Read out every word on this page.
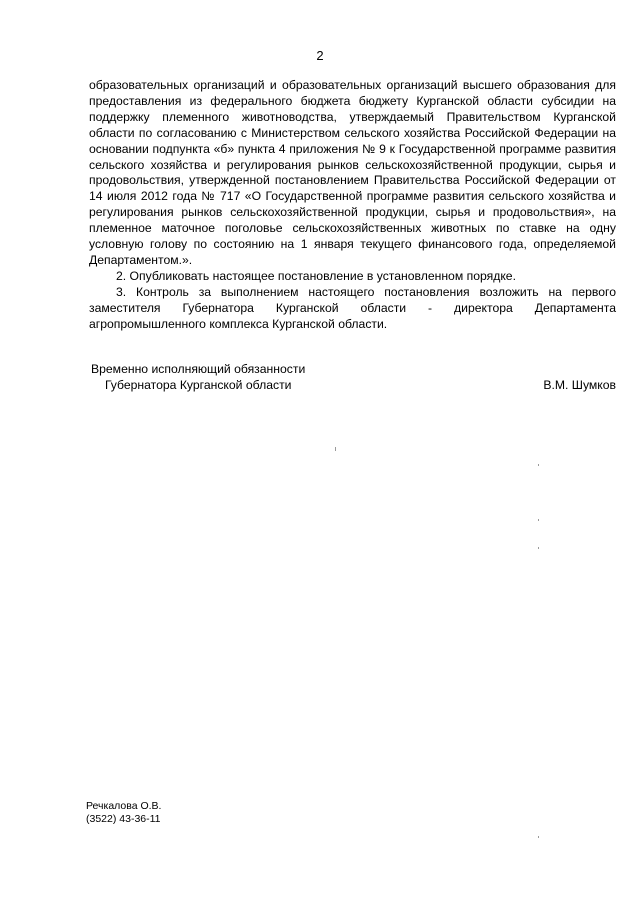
2

образовательных организаций и образовательных организаций высшего образования для предоставления из федерального бюджета бюджету Курганской области субсидии на поддержку племенного животноводства, утверждаемый Правительством Курганской области по согласованию с Министерством сельского хозяйства Российской Федерации на основании подпункта «б» пункта 4 приложения № 9 к Государственной программе развития сельского хозяйства и регулирования рынков сельскохозяйственной продукции, сырья и продовольствия, утвержденной постановлением Правительства Российской Федерации от 14 июля 2012 года № 717 «О Государственной программе развития сельского хозяйства и регулирования рынков сельскохозяйственной продукции, сырья и продовольствия», на племенное маточное поголовье сельскохозяйственных животных по ставке на одну условную голову по состоянию на 1 января текущего финансового года, определяемой Департаментом.».

2. Опубликовать настоящее постановление в установленном порядке.

3. Контроль за выполнением настоящего постановления возложить на первого заместителя Губернатора Курганской области - директора Департамента агропромышленного комплекса Курганской области.

Временно исполняющий обязанности
Губернатора Курганской области	В.М. Шумков
Речкалова О.В.
(3522) 43-36-11
